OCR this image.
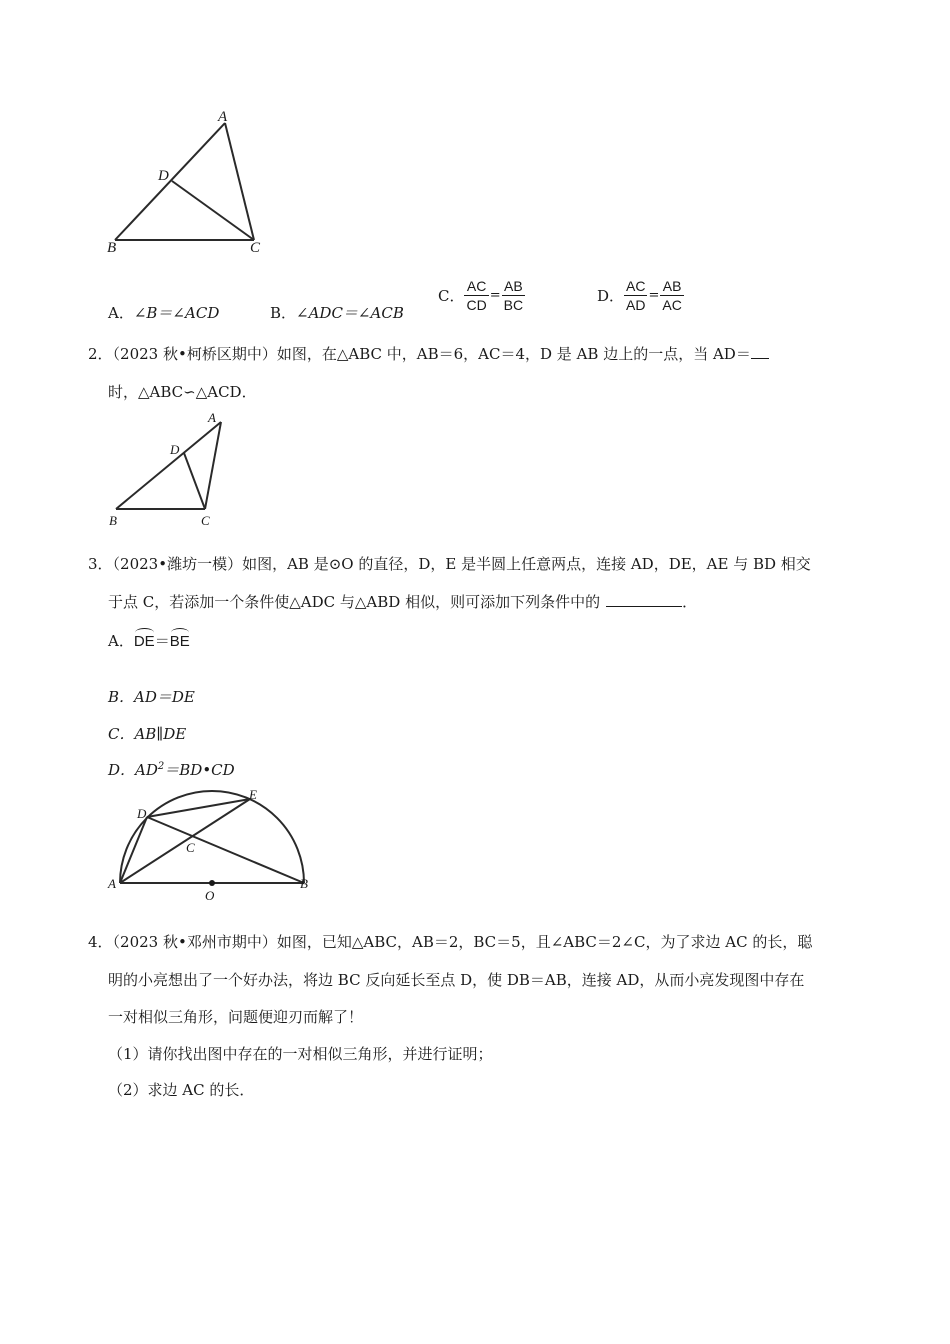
A
D
B	C
A．∠B＝∠ACD	B．∠ADC＝∠ACB
C． $\frac{AC}{CD} = \frac{AB}{BC}$	D． $\frac{AC}{AD} = \frac{AB}{AC}$
2．（2023 秋•柯桥区期中）如图，在△ABC 中，AB＝6，AC＝4，D 是 AB 边上的一点，当 AD＝
时，△ABC∽△ACD．
A
D
B	C
3．（2023•潍坊一模）如图，AB 是⊙O 的直径，D，E 是半圆上任意两点，连接 AD，DE，AE 与 BD 相交
于点 C，若添加一个条件使△ADC 与△ABD 相似，则可添加下列条件中的	．
A．DE＝BE
B．AD＝DE
C．AB∥DE
D．$AD^2=BD•CD$
D
E
C
A	B
O
4．（2023 秋•邓州市期中）如图，已知△ABC，AB＝2，BC＝5，且∠ABC＝2∠C，为了求边 AC 的长，聪
明的小亮想出了一个好办法，将边 BC 反向延长至点 D，使 DB＝AB，连接 AD，从而小亮发现图中存在
一对相似三角形，问题便迎刃而解了！
（1）请你找出图中存在的一对相似三角形，并进行证明；
（2）求边 AC 的长．
